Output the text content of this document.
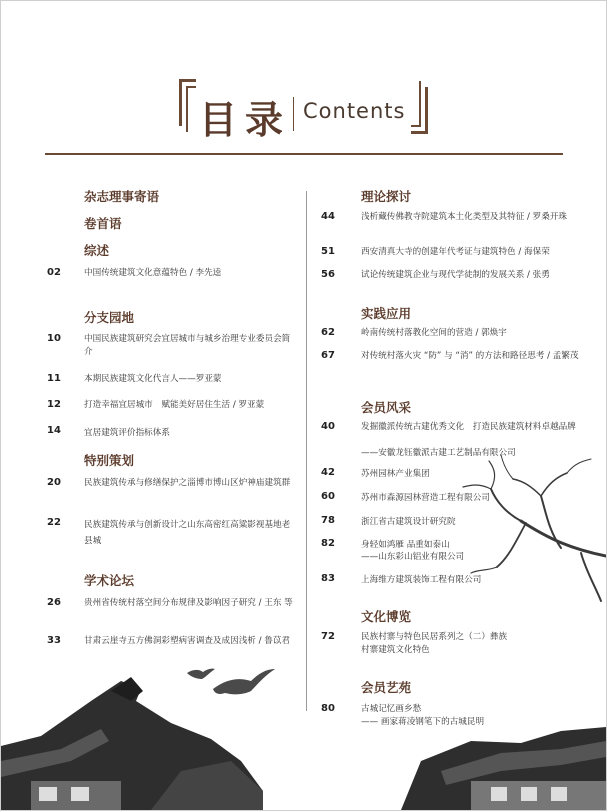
目录 Contents
杂志理事寄语
卷首语
综述
02	中国传统建筑文化意蕴特色 / 李先逵
分支园地
10	中国民族建筑研究会宜居城市与城乡治理专业委员会简介
11	本期民族建筑文化代言人——罗亚蒙
12	打造幸福宜居城市　赋能美好居住生活 / 罗亚蒙
14	宜居建筑评价指标体系
特别策划
20	民族建筑传承与修缮保护之淄博市博山区炉神庙建筑群
22	民族建筑传承与创新设计之山东高密红高粱影视基地老县城
学术论坛
26	贵州省传统村落空间分布规律及影响因子研究 / 王东 等
33	甘肃云崖寺五方佛洞彩塑病害调查及成因浅析 / 鲁苡君
理论探讨
44	浅析藏传佛教寺院建筑本土化类型及其特征 / 罗桑开珠
51	西安清真大寺的创建年代考证与建筑特色 / 海保荣
56	试论传统建筑企业与现代学徒制的发展关系 / 张勇
实践应用
62	岭南传统村落教化空间的营造 / 郭焕宇
67	对传统村落火灾 “防” 与 “消” 的方法和路径思考 / 孟繁茂
会员风采
40	发掘徽派传统古建优秀文化　打造民族建筑材料卓越品牌
——安徽龙钰徽派古建工艺制品有限公司
42	苏州园林产业集团
60	苏州市森源园林营造工程有限公司
78	浙江省古建筑设计研究院
82	身轻如鸿雁 品重如泰山
——山东彩山铝业有限公司
83	上海维方建筑装饰工程有限公司
文化博览
72	民族村寨与特色民居系列之（二）彝族村寨建筑文化特色
会员艺苑
80	古城记忆画乡愁
—— 画家蒋凌钢笔下的古城昆明
